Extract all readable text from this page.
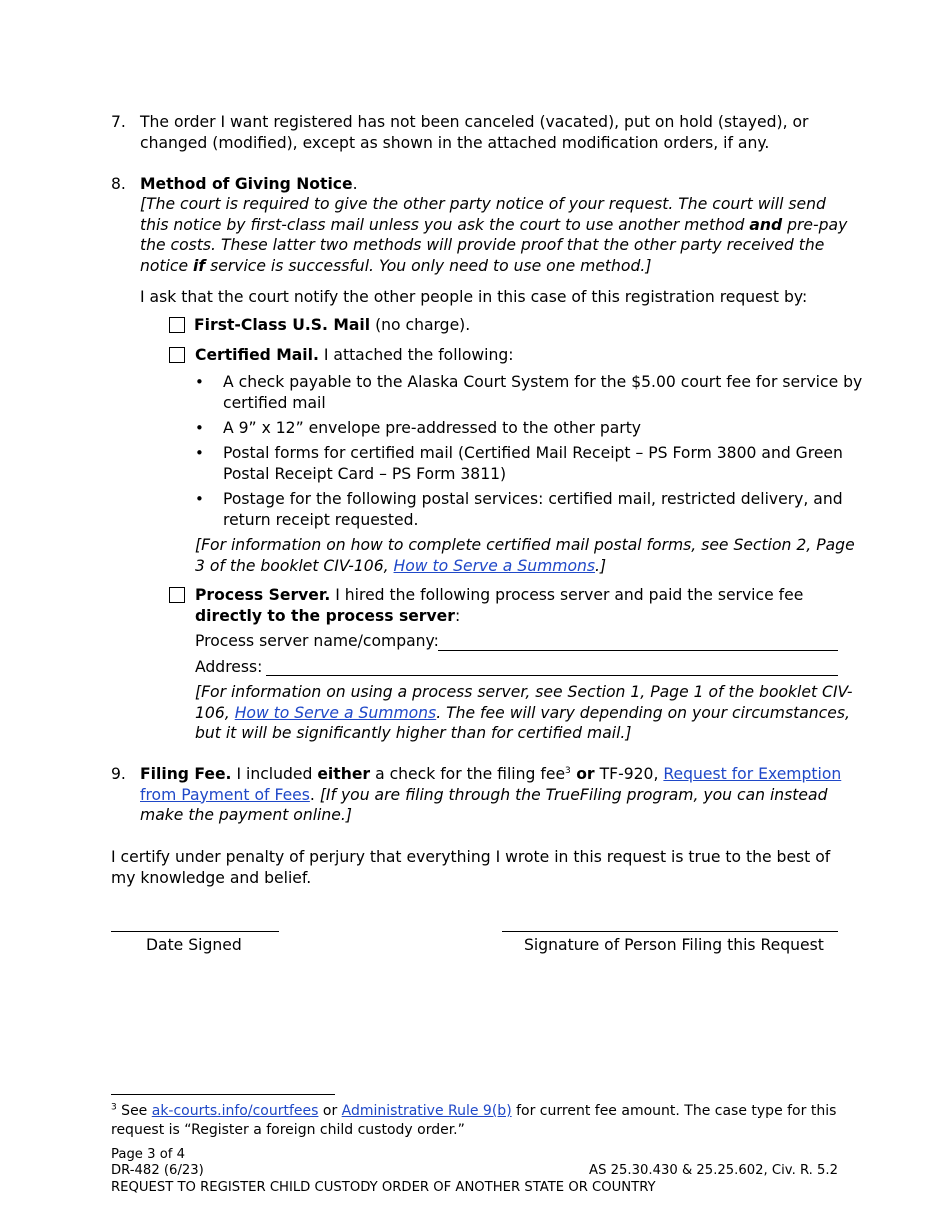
7. The order I want registered has not been canceled (vacated), put on hold (stayed), or
changed (modified), except as shown in the attached modification orders, if any.
8. Method of Giving Notice.
[The court is required to give the other party notice of your request. The court will send
this notice by first-class mail unless you ask the court to use another method and pre-pay
the costs. These latter two methods will provide proof that the other party received the
notice if service is successful. You only need to use one method.]
I ask that the court notify the other people in this case of this registration request by:
First-Class U.S. Mail (no charge).
Certified Mail. I attached the following:
• A check payable to the Alaska Court System for the $5.00 court fee for service by
certified mail
• A 9” x 12” envelope pre-addressed to the other party
• Postal forms for certified mail (Certified Mail Receipt – PS Form 3800 and Green
Postal Receipt Card – PS Form 3811)
• Postage for the following postal services: certified mail, restricted delivery, and
return receipt requested.
[For information on how to complete certified mail postal forms, see Section 2, Page
3 of the booklet CIV-106, How to Serve a Summons.]
Process Server. I hired the following process server and paid the service fee
directly to the process server:
Process server name/company:
Address:
[For information on using a process server, see Section 1, Page 1 of the booklet CIV-
106, How to Serve a Summons. The fee will vary depending on your circumstances,
but it will be significantly higher than for certified mail.]
9. Filing Fee. I included either a check for the filing fee$^3$ or TF-920, Request for Exemption
from Payment of Fees. [If you are filing through the TrueFiling program, you can instead
make the payment online.]
I certify under penalty of perjury that everything I wrote in this request is true to the best of
my knowledge and belief.
Date Signed	Signature of Person Filing this Request
$^3$ See ak-courts.info/courtfees or Administrative Rule 9(b) for current fee amount. The case type for this
request is “Register a foreign child custody order.”
Page 3 of 4
DR-482 (6/23)	AS 25.30.430 & 25.25.602, Civ. R. 5.2
REQUEST TO REGISTER CHILD CUSTODY ORDER OF ANOTHER STATE OR COUNTRY
